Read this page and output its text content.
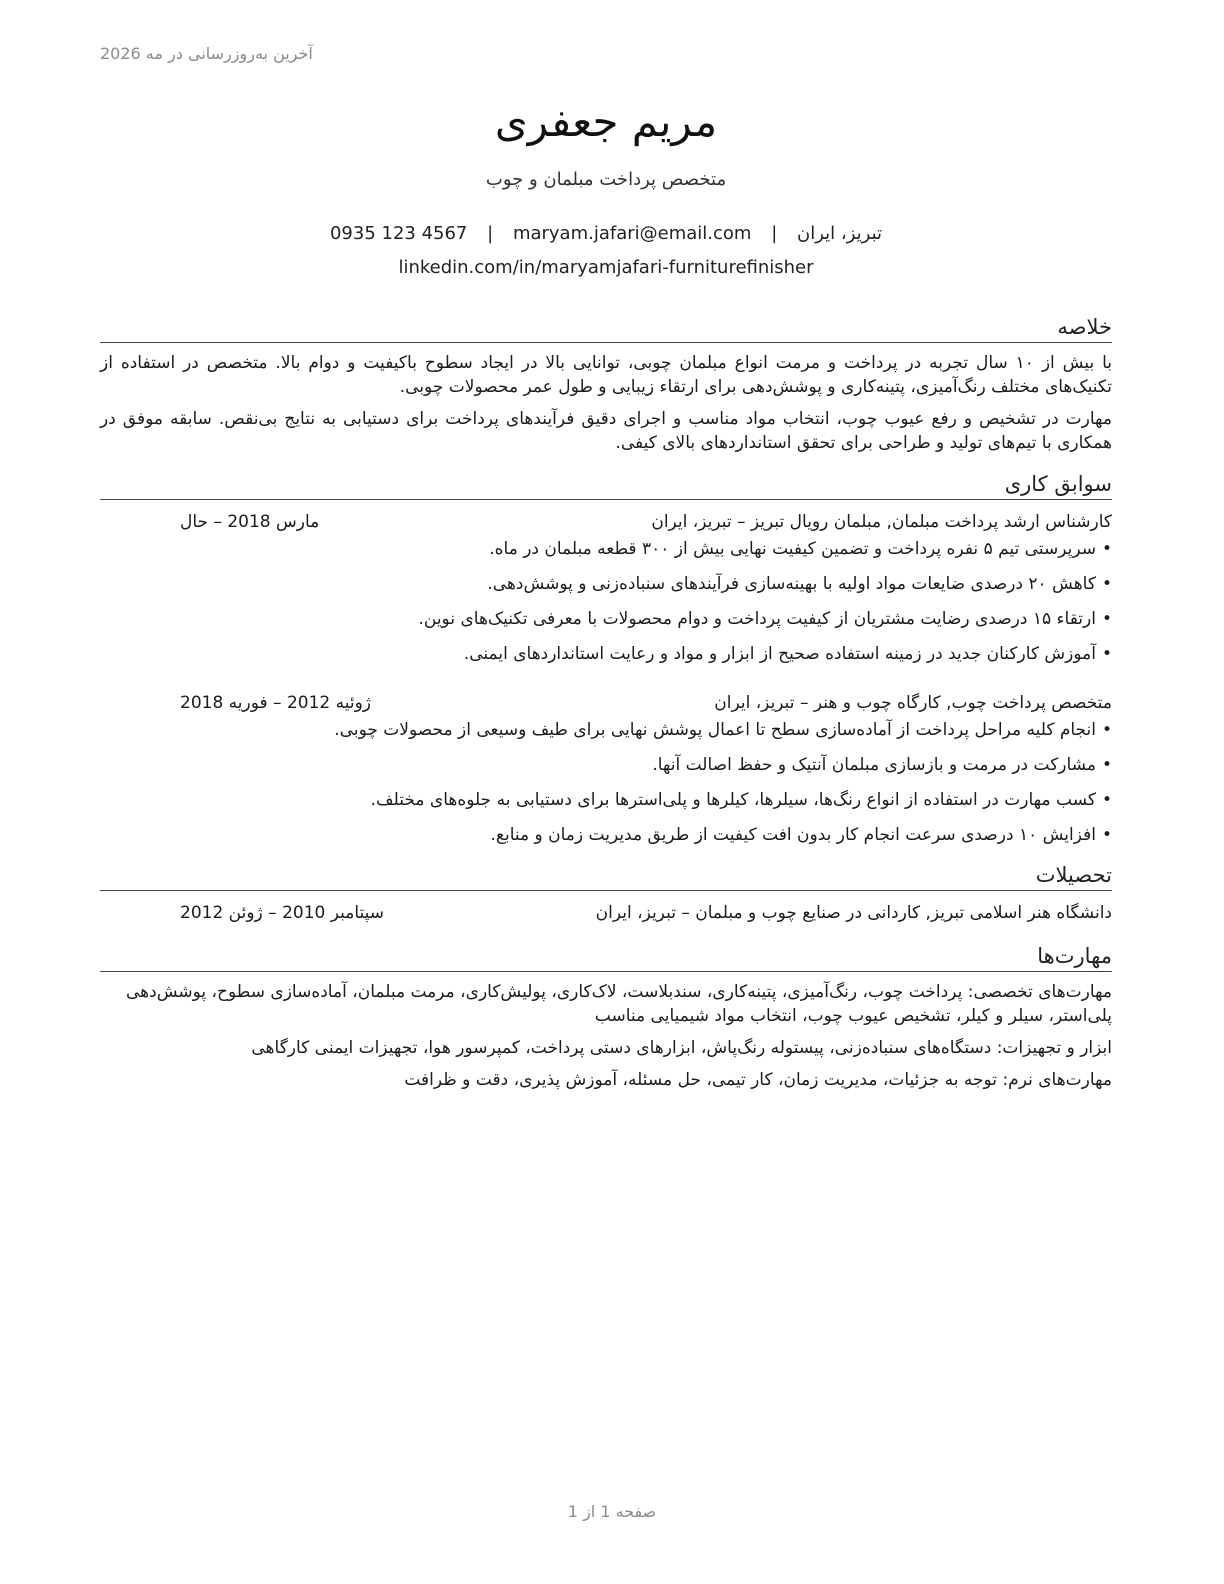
آخرین به‌روزرسانی در مه 2026
مریم جعفری
متخصص پرداخت مبلمان و چوب
تبریز، ایران | maryam.jafari@email.com | 0935 123 4567
linkedin.com/in/maryamjafari-furniturefinisher
خلاصه

با بیش از ۱۰ سال تجربه در پرداخت و مرمت انواع مبلمان چوبی، توانایی بالا در ایجاد سطوح باکیفیت و دوام بالا. متخصص در استفاده از تکنیک‌های مختلف رنگ‌آمیزی، پتینه‌کاری و پوشش‌دهی برای ارتقاء زیبایی و طول عمر محصولات چوبی.

مهارت در تشخیص و رفع عیوب چوب، انتخاب مواد مناسب و اجرای دقیق فرآیندهای پرداخت برای دستیابی به نتایج بی‌نقص. سابقه موفق در همکاری با تیم‌های تولید و طراحی برای تحقق استانداردهای بالای کیفی.

سوابق کاری
کارشناس ارشد پرداخت مبلمان, مبلمان رویال تبریز – تبریز، ایران
مارس 2018 – حال
•سرپرستی تیم ۵ نفره پرداخت و تضمین کیفیت نهایی بیش از ۳۰۰ قطعه مبلمان در ماه.
•کاهش ۲۰ درصدی ضایعات مواد اولیه با بهینه‌سازی فرآیندهای سنباده‌زنی و پوشش‌دهی.
•ارتقاء ۱۵ درصدی رضایت مشتریان از کیفیت پرداخت و دوام محصولات با معرفی تکنیک‌های نوین.
•آموزش کارکنان جدید در زمینه استفاده صحیح از ابزار و مواد و رعایت استانداردهای ایمنی.
متخصص پرداخت چوب, کارگاه چوب و هنر – تبریز، ایران
ژوئیه 2012 – فوریه 2018
•انجام کلیه مراحل پرداخت از آماده‌سازی سطح تا اعمال پوشش نهایی برای طیف وسیعی از محصولات چوبی.
•مشارکت در مرمت و بازسازی مبلمان آنتیک و حفظ اصالت آنها.
•کسب مهارت در استفاده از انواع رنگ‌ها، سیلرها، کیلرها و پلی‌استرها برای دستیابی به جلوه‌های مختلف.
•افزایش ۱۰ درصدی سرعت انجام کار بدون افت کیفیت از طریق مدیریت زمان و منابع.
تحصیلات
دانشگاه هنر اسلامی تبریز, کاردانی در صنایع چوب و مبلمان – تبریز، ایران
سپتامبر 2010 – ژوئن 2012
مهارت‌ها

مهارت‌های تخصصی: پرداخت چوب، رنگ‌آمیزی، پتینه‌کاری، سندبلاست، لاک‌کاری، پولیش‌کاری، مرمت مبلمان، آماده‌سازی سطوح، پوشش‌دهی پلی‌استر، سیلر و کیلر، تشخیص عیوب چوب، انتخاب مواد شیمیایی مناسب

ابزار و تجهیزات: دستگاه‌های سنباده‌زنی، پیستوله رنگ‌پاش، ابزارهای دستی پرداخت، کمپرسور هوا، تجهیزات ایمنی کارگاهی

مهارت‌های نرم: توجه به جزئیات، مدیریت زمان، کار تیمی، حل مسئله، آموزش پذیری، دقت و ظرافت

صفحه 1 از 1
